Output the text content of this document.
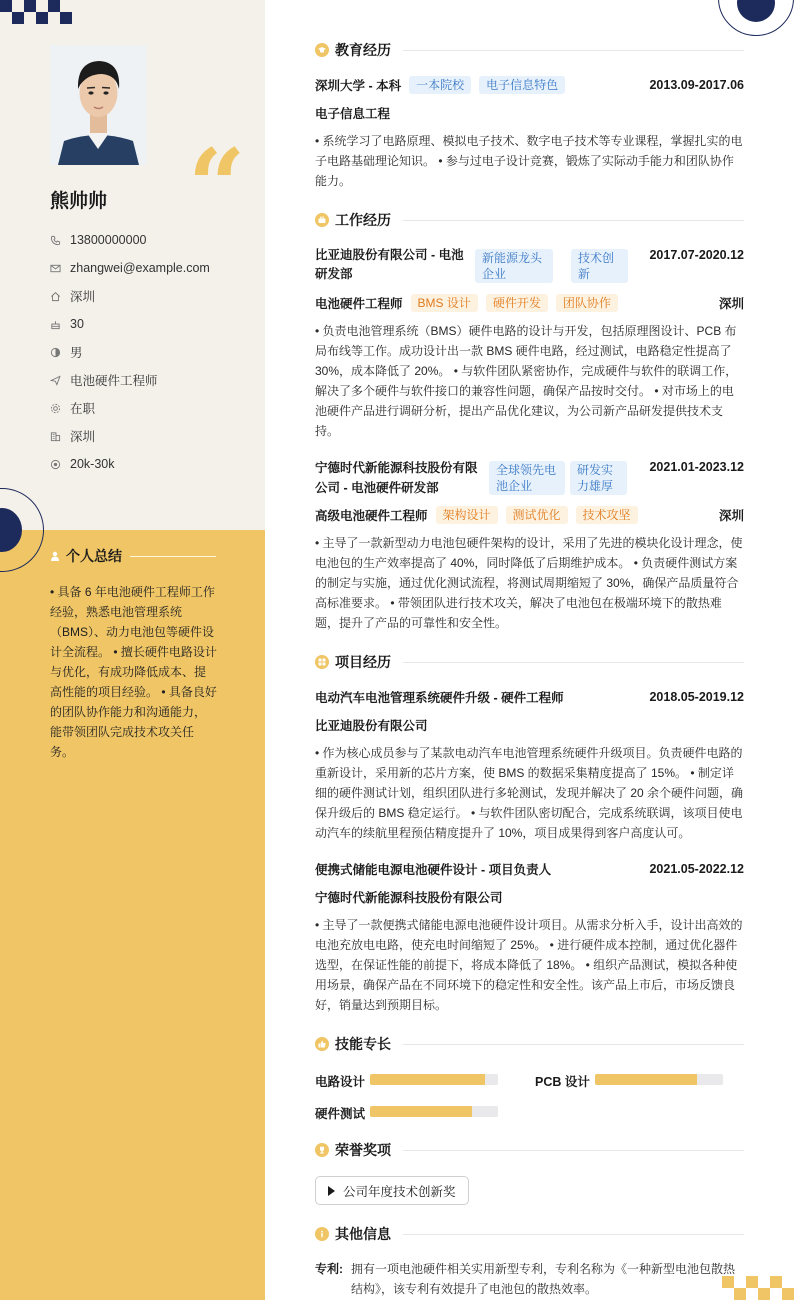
“
熊帅帅
13800000000
zhangwei@example.com
深圳
30
男
电池硬件工程师
在职
深圳
20k-30k
个人总结
• 具备 6 年电池硬件工程师工作经验，熟悉电池管理系统（BMS）、动力电池包等硬件设计全流程。 • 擅长硬件电路设计与优化，有成功降低成本、提高性能的项目经验。 • 具备良好的团队协作能力和沟通能力，能带领团队完成技术攻关任务。
教育经历
深圳大学 - 本科	一本院校	电子信息特色	2013.09-2017.06
电子信息工程
• 系统学习了电路原理、模拟电子技术、数字电子技术等专业课程，掌握扎实的电子电路基础理论知识。 • 参与过电子设计竞赛，锻炼了实际动手能力和团队协作能力。
工作经历
比亚迪股份有限公司 - 电池研发部
新能源龙头企业
技术创新
2017.07-2020.12
电池硬件工程师	BMS 设计	硬件开发	团队协作	深圳
• 负责电池管理系统（BMS）硬件电路的设计与开发，包括原理图设计、PCB 布局布线等工作。成功设计出一款 BMS 硬件电路，经过测试，电路稳定性提高了 30%，成本降低了 20%。 • 与软件团队紧密协作，完成硬件与软件的联调工作，解决了多个硬件与软件接口的兼容性问题，确保产品按时交付。 • 对市场上的电池硬件产品进行调研分析，提出产品优化建议，为公司新产品研发提供技术支持。
宁德时代新能源科技股份有限公司 - 电池硬件研发部
全球领先电池企业
研发实力雄厚
2021.01-2023.12
高级电池硬件工程师	架构设计	测试优化	技术攻坚	深圳
• 主导了一款新型动力电池包硬件架构的设计，采用了先进的模块化设计理念，使电池包的生产效率提高了 40%，同时降低了后期维护成本。 • 负责硬件测试方案的制定与实施，通过优化测试流程，将测试周期缩短了 30%，确保产品质量符合高标准要求。 • 带领团队进行技术攻关，解决了电池包在极端环境下的散热难题，提升了产品的可靠性和安全性。
项目经历
电动汽车电池管理系统硬件升级 - 硬件工程师	2018.05-2019.12
比亚迪股份有限公司
• 作为核心成员参与了某款电动汽车电池管理系统硬件升级项目。负责硬件电路的重新设计，采用新的芯片方案，使 BMS 的数据采集精度提高了 15%。 • 制定详细的硬件测试计划，组织团队进行多轮测试，发现并解决了 20 余个硬件问题，确保升级后的 BMS 稳定运行。 • 与软件团队密切配合，完成系统联调，该项目使电动汽车的续航里程预估精度提升了 10%，项目成果得到客户高度认可。
便携式储能电源电池硬件设计 - 项目负责人	2021.05-2022.12
宁德时代新能源科技股份有限公司
• 主导了一款便携式储能电源电池硬件设计项目。从需求分析入手，设计出高效的电池充放电电路，使充电时间缩短了 25%。 • 进行硬件成本控制，通过优化器件选型，在保证性能的前提下，将成本降低了 18%。 • 组织产品测试，模拟各种使用场景，确保产品在不同环境下的稳定性和安全性。该产品上市后，市场反馈良好，销量达到预期目标。
技能专长
电路设计	PCB 设计
硬件测试
荣誉奖项
公司年度技术创新奖
其他信息
专利: 拥有一项电池硬件相关实用新型专利，专利名称为《一种新型电池包散热结构》，该专利有效提升了电池包的散热效率。
